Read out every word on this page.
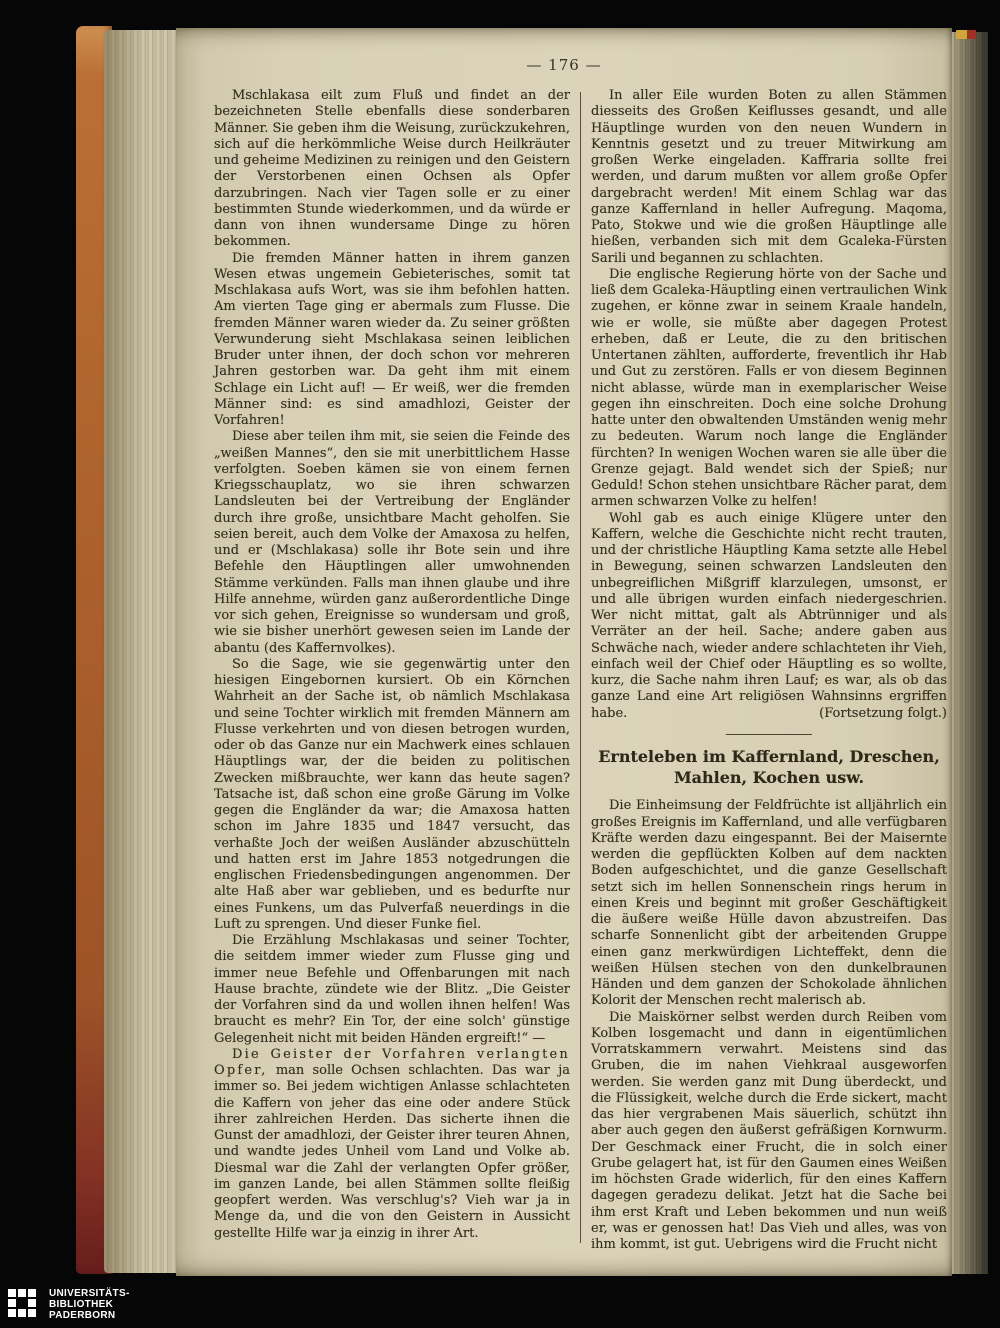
— 176 —

Mschlakasa eilt zum Fluß und findet an der bezeichneten Stelle ebenfalls diese sonderbaren Männer. Sie geben ihm die Weisung, zurückzukehren, sich auf die herkömmliche Weise durch Heilkräuter und geheime Medizinen zu reinigen und den Geistern der Verstorbenen einen Ochsen als Opfer darzubringen. Nach vier Tagen solle er zu einer bestimmten Stunde wiederkommen, und da würde er dann von ihnen wundersame Dinge zu hören bekommen.

Die fremden Männer hatten in ihrem ganzen Wesen etwas ungemein Gebieterisches, somit tat Mschlakasa aufs Wort, was sie ihm befohlen hatten. Am vierten Tage ging er abermals zum Flusse. Die fremden Männer waren wieder da. Zu seiner größten Verwunderung sieht Mschlakasa seinen leiblichen Bruder unter ihnen, der doch schon vor mehreren Jahren gestorben war. Da geht ihm mit einem Schlage ein Licht auf! — Er weiß, wer die fremden Männer sind: es sind amadhlozi, Geister der Vorfahren!

Diese aber teilen ihm mit, sie seien die Feinde des „weißen Mannes“, den sie mit unerbittlichem Hasse verfolgten. Soeben kämen sie von einem fernen Kriegsschauplatz, wo sie ihren schwarzen Landsleuten bei der Vertreibung der Engländer durch ihre große, unsichtbare Macht geholfen. Sie seien bereit, auch dem Volke der Amaxosa zu helfen, und er (Mschlakasa) solle ihr Bote sein und ihre Befehle den Häuptlingen aller umwohnenden Stämme verkünden. Falls man ihnen glaube und ihre Hilfe annehme, würden ganz außerordentliche Dinge vor sich gehen, Ereignisse so wundersam und groß, wie sie bisher unerhört gewesen seien im Lande der abantu (des Kaffernvolkes).

So die Sage, wie sie gegenwärtig unter den hiesigen Eingebornen kursiert. Ob ein Körnchen Wahrheit an der Sache ist, ob nämlich Mschlakasa und seine Tochter wirklich mit fremden Männern am Flusse verkehrten und von diesen betrogen wurden, oder ob das Ganze nur ein Machwerk eines schlauen Häuptlings war, der die beiden zu politischen Zwecken mißbrauchte, wer kann das heute sagen? Tatsache ist, daß schon eine große Gärung im Volke gegen die Engländer da war; die Amaxosa hatten schon im Jahre 1835 und 1847 versucht, das verhaßte Joch der weißen Ausländer abzuschütteln und hatten erst im Jahre 1853 notgedrungen die englischen Friedensbedingungen angenommen. Der alte Haß aber war geblieben, und es bedurfte nur eines Funkens, um das Pulverfaß neuerdings in die Luft zu sprengen. Und dieser Funke fiel.

Die Erzählung Mschlakasas und seiner Tochter, die seitdem immer wieder zum Flusse ging und immer neue Befehle und Offenbarungen mit nach Hause brachte, zündete wie der Blitz. „Die Geister der Vorfahren sind da und wollen ihnen helfen! Was braucht es mehr? Ein Tor, der eine solch' günstige Gelegenheit nicht mit beiden Händen ergreift!“ —

Die Geister der Vorfahren verlangten Opfer, man solle Ochsen schlachten. Das war ja immer so. Bei jedem wichtigen Anlasse schlachteten die Kaffern von jeher das eine oder andere Stück ihrer zahlreichen Herden. Das sicherte ihnen die Gunst der amadhlozi, der Geister ihrer teuren Ahnen, und wandte jedes Unheil vom Land und Volke ab. Diesmal war die Zahl der verlangten Opfer größer, im ganzen Lande, bei allen Stämmen sollte fleißig geopfert werden. Was verschlug's? Vieh war ja in Menge da, und die von den Geistern in Aussicht gestellte Hilfe war ja einzig in ihrer Art.

In aller Eile wurden Boten zu allen Stämmen diesseits des Großen Keiflusses gesandt, und alle Häuptlinge wurden von den neuen Wundern in Kenntnis gesetzt und zu treuer Mitwirkung am großen Werke eingeladen. Kaffraria sollte frei werden, und darum mußten vor allem große Opfer dargebracht werden! Mit einem Schlag war das ganze Kaffernland in heller Aufregung. Maqoma, Pato, Stokwe und wie die großen Häuptlinge alle hießen, verbanden sich mit dem Gcaleka-Fürsten Sarili und begannen zu schlachten.

Die englische Regierung hörte von der Sache und ließ dem Gcaleka-Häuptling einen vertraulichen Wink zugehen, er könne zwar in seinem Kraale handeln, wie er wolle, sie müßte aber dagegen Protest erheben, daß er Leute, die zu den britischen Untertanen zählten, aufforderte, freventlich ihr Hab und Gut zu zerstören. Falls er von diesem Beginnen nicht ablasse, würde man in exemplarischer Weise gegen ihn einschreiten. Doch eine solche Drohung hatte unter den obwaltenden Umständen wenig mehr zu bedeuten. Warum noch lange die Engländer fürchten? In wenigen Wochen waren sie alle über die Grenze gejagt. Bald wendet sich der Spieß; nur Geduld! Schon stehen unsichtbare Rächer parat, dem armen schwarzen Volke zu helfen!

Wohl gab es auch einige Klügere unter den Kaffern, welche die Geschichte nicht recht trauten, und der christliche Häuptling Kama setzte alle Hebel in Bewegung, seinen schwarzen Landsleuten den unbegreiflichen Mißgriff klarzulegen, umsonst, er und alle übrigen wurden einfach niedergeschrien. Wer nicht mittat, galt als Abtrünniger und als Verräter an der heil. Sache; andere gaben aus Schwäche nach, wieder andere schlachteten ihr Vieh, einfach weil der Chief oder Häuptling es so wollte, kurz, die Sache nahm ihren Lauf; es war, als ob das ganze Land eine Art religiösen Wahnsinns ergriffen habe.	(Fortsetzung folgt.)

Ernteleben im Kaffernland, Dreschen, Mahlen, Kochen usw.

Die Einheimsung der Feldfrüchte ist alljährlich ein großes Ereignis im Kaffernland, und alle verfügbaren Kräfte werden dazu eingespannt. Bei der Maisernte werden die gepflückten Kolben auf dem nackten Boden aufgeschichtet, und die ganze Gesellschaft setzt sich im hellen Sonnenschein rings herum in einen Kreis und beginnt mit großer Geschäftigkeit die äußere weiße Hülle davon abzustreifen. Das scharfe Sonnenlicht gibt der arbeitenden Gruppe einen ganz merkwürdigen Lichteffekt, denn die weißen Hülsen stechen von den dunkelbraunen Händen und dem ganzen der Schokolade ähnlichen Kolorit der Menschen recht malerisch ab.

Die Maiskörner selbst werden durch Reiben vom Kolben losgemacht und dann in eigentümlichen Vorratskammern verwahrt. Meistens sind das Gruben, die im nahen Viehkraal ausgeworfen werden. Sie werden ganz mit Dung überdeckt, und die Flüssigkeit, welche durch die Erde sickert, macht das hier vergrabenen Mais säuerlich, schützt ihn aber auch gegen den äußerst gefräßigen Kornwurm. Der Geschmack einer Frucht, die in solch einer Grube gelagert hat, ist für den Gaumen eines Weißen im höchsten Grade widerlich, für den eines Kaffern dagegen geradezu delikat. Jetzt hat die Sache bei ihm erst Kraft und Leben bekommen und nun weiß er, was er genossen hat! Das Vieh und alles, was von ihm kommt, ist gut. Uebrigens wird die Frucht nicht

UNIVERSITÄTS-
BIBLIOTHEK
PADERBORN
